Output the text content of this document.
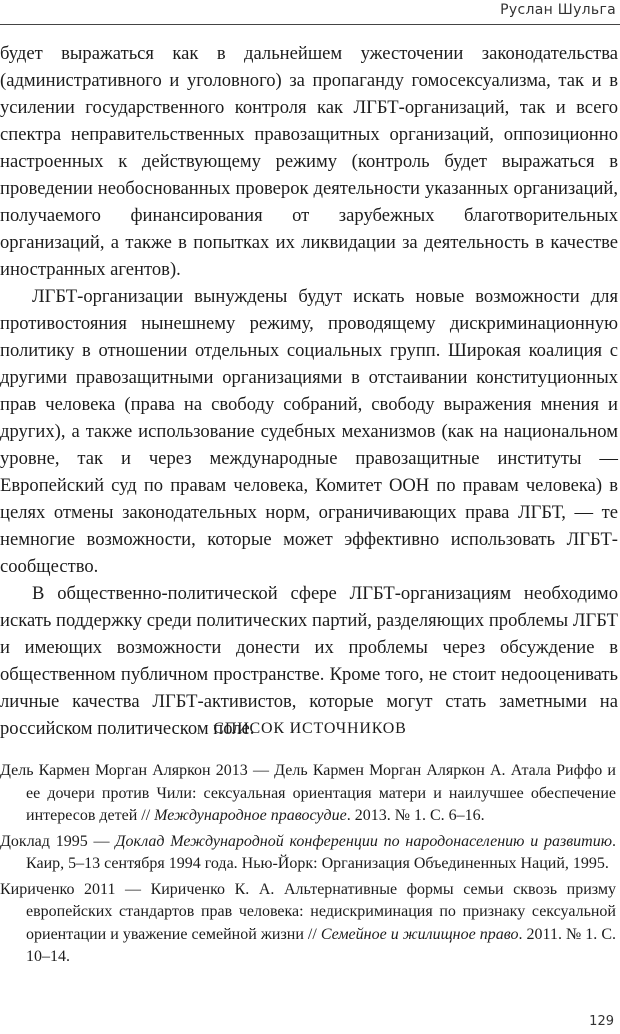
Руслан Шульга

будет выражаться как в дальнейшем ужесточении законодательства (административного и уголовного) за пропаганду гомосексуализма, так и в усилении государственного контроля как ЛГБТ-организаций, так и всего спектра неправительственных правозащитных организаций, оппозиционно настроенных к действующему режиму (контроль будет выражаться в проведении необоснованных проверок деятельности указанных организаций, получаемого финансирования от зарубежных благотворительных организаций, а также в попытках их ликвидации за деятельность в качестве иностранных агентов).

ЛГБТ-организации вынуждены будут искать новые возможности для противостояния нынешнему режиму, проводящему дискриминационную политику в отношении отдельных социальных групп. Широкая коалиция с другими правозащитными организациями в отстаивании конституционных прав человека (права на свободу собраний, свободу выражения мнения и других), а также использование судебных механизмов (как на национальном уровне, так и через международные правозащитные институты — Европейский суд по правам человека, Комитет ООН по правам человека) в целях отмены законодательных норм, ограничивающих права ЛГБТ, — те немногие возможности, которые может эффективно использовать ЛГБТ-сообщество.

В общественно-политической сфере ЛГБТ-организациям необходимо искать поддержку среди политических партий, разделяющих проблемы ЛГБТ и имеющих возможности донести их проблемы через обсуждение в общественном публичном пространстве. Кроме того, не стоит недооценивать личные качества ЛГБТ-активистов, которые могут стать заметными на российском политическом поле.

СПИСОК ИСТОЧНИКОВ

Дель Кармен Морган Аляркон 2013 — Дель Кармен Морган Аляркон А. Атала Риффо и ее дочери против Чили: сексуальная ориентация матери и наилучшее обеспечение интересов детей // Международное правосудие. 2013. № 1. С. 6–16.

Доклад 1995 — Доклад Международной конференции по народонаселению и развитию. Каир, 5–13 сентября 1994 года. Нью-Йорк: Организация Объединенных Наций, 1995.

Кириченко 2011 — Кириченко К. А. Альтернативные формы семьи сквозь призму европейских стандартов прав человека: недискриминация по признаку сексуальной ориентации и уважение семейной жизни // Семейное и жилищное право. 2011. № 1. С. 10–14.

129
